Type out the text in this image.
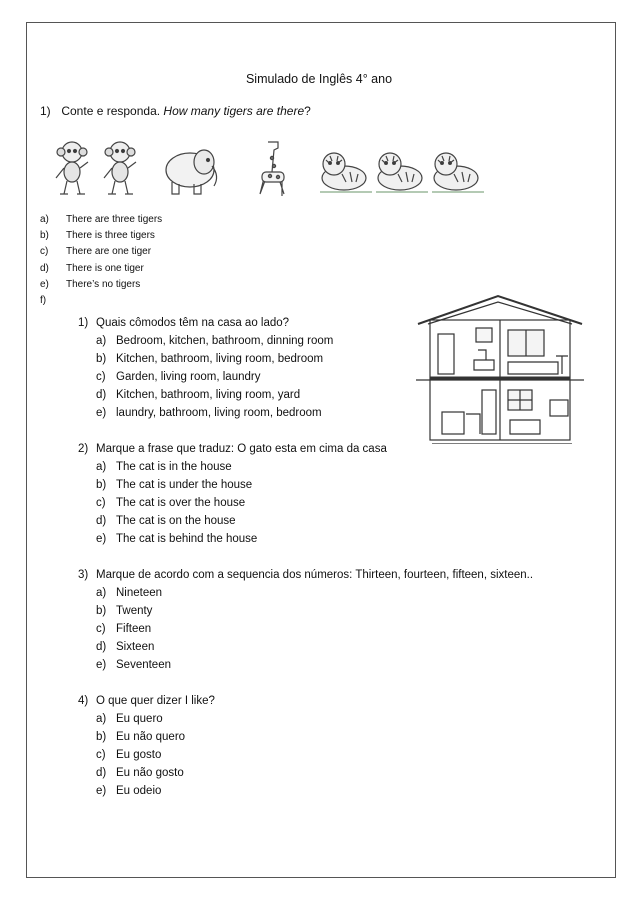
Simulado de Inglês 4° ano
1) Conte e responda. How many tigers are there?
a)	There are three tigers
b)	There is three tigers
c)	There are one tiger
d)	There is one tiger
e)	There’s no tigers
f)
1) Quais cômodos têm na casa ao lado?
a) Bedroom, kitchen, bathroom, dinning room
b) Kitchen, bathroom, living room, bedroom
c) Garden, living room, laundry
d) Kitchen, bathroom, living room, yard
e) laundry, bathroom, living room, bedroom
2) Marque a frase que traduz: O gato esta em cima da casa
a) The cat is in the house
b) The cat is under the house
c) The cat is over the house
d) The cat is on the house
e) The cat is behind the house
3) Marque de acordo com a sequencia dos números: Thirteen, fourteen, fifteen, sixteen..
a) Nineteen
b) Twenty
c) Fifteen
d) Sixteen
e) Seventeen
4) O que quer dizer I like?
a) Eu quero
b) Eu não quero
c) Eu gosto
d) Eu não gosto
e) Eu odeio
